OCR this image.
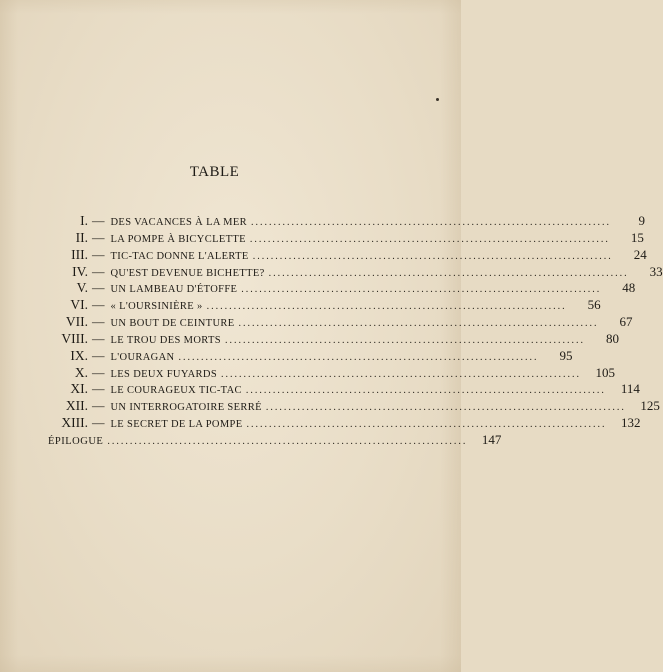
TABLE
I. — DES VACANCES À LA MER ................................................................................	9
II. — LA POMPE À BICYCLETTE ................................................................................	15
III. — TIC-TAC DONNE L'ALERTE ................................................................................	24
IV. — QU'EST DEVENUE BICHETTE? ................................................................................	33
V. — UN LAMBEAU D'ÉTOFFE ................................................................................	48
VI. — « L'OURSINIÈRE » ................................................................................	56
VII. — UN BOUT DE CEINTURE ................................................................................	67
VIII. — LE TROU DES MORTS ................................................................................	80
IX. — L'OURAGAN ................................................................................	95
X. — LES DEUX FUYARDS ................................................................................	105
XI. — LE COURAGEUX TIC-TAC ................................................................................	114
XII. — UN INTERROGATOIRE SERRÉ ................................................................................	125
XIII. — LE SECRET DE LA POMPE ................................................................................	132
ÉPILOGUE ................................................................................	147
